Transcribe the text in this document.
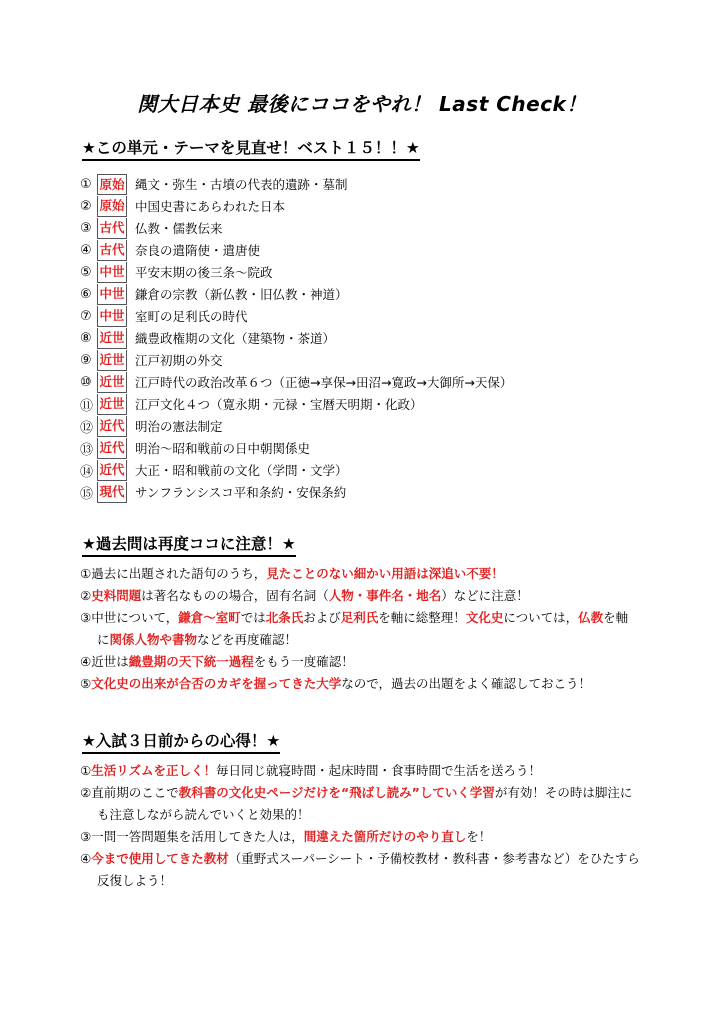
関大日本史 最後にココをやれ！ Last Check！
★この単元・テーマを見直せ！ベスト１５！！★
① 原始 縄文・弥生・古墳の代表的遺跡・墓制
② 原始 中国史書にあらわれた日本
③ 古代 仏教・儒教伝来
④ 古代 奈良の遣隋使・遣唐使
⑤ 中世 平安末期の後三条～院政
⑥ 中世 鎌倉の宗教（新仏教・旧仏教・神道）
⑦ 中世 室町の足利氏の時代
⑧ 近世 織豊政権期の文化（建築物・茶道）
⑨ 近世 江戸初期の外交
⑩ 近世 江戸時代の政治改革６つ（正徳→享保→田沼→寛政→大御所→天保）
⑪ 近世 江戸文化４つ（寛永期・元禄・宝暦天明期・化政）
⑫ 近代 明治の憲法制定
⑬ 近代 明治～昭和戦前の日中朝関係史
⑭ 近代 大正・昭和戦前の文化（学問・文学）
⑮ 現代 サンフランシスコ平和条約・安保条約
★過去問は再度ココに注意！★
①過去に出題された語句のうち，見たことのない細かい用語は深追い不要！
②史料問題は著名なものの場合，固有名詞（人物・事件名・地名）などに注意！
③中世について，鎌倉～室町では北条氏および足利氏を軸に総整理！文化史については，仏教を軸
に関係人物や書物などを再度確認！
④近世は織豊期の天下統一過程をもう一度確認！
⑤文化史の出来が合否のカギを握ってきた大学なので，過去の出題をよく確認しておこう！
★入試３日前からの心得！★
①生活リズムを正しく！毎日同じ就寝時間・起床時間・食事時間で生活を送ろう！
②直前期のここで教科書の文化史ページだけを“飛ばし読み”していく学習が有効！その時は脚注に
も注意しながら読んでいくと効果的！
③一問一答問題集を活用してきた人は，間違えた箇所だけのやり直しを！
④今まで使用してきた教材（重野式スーパーシート・予備校教材・教科書・参考書など）をひたすら
反復しよう！
